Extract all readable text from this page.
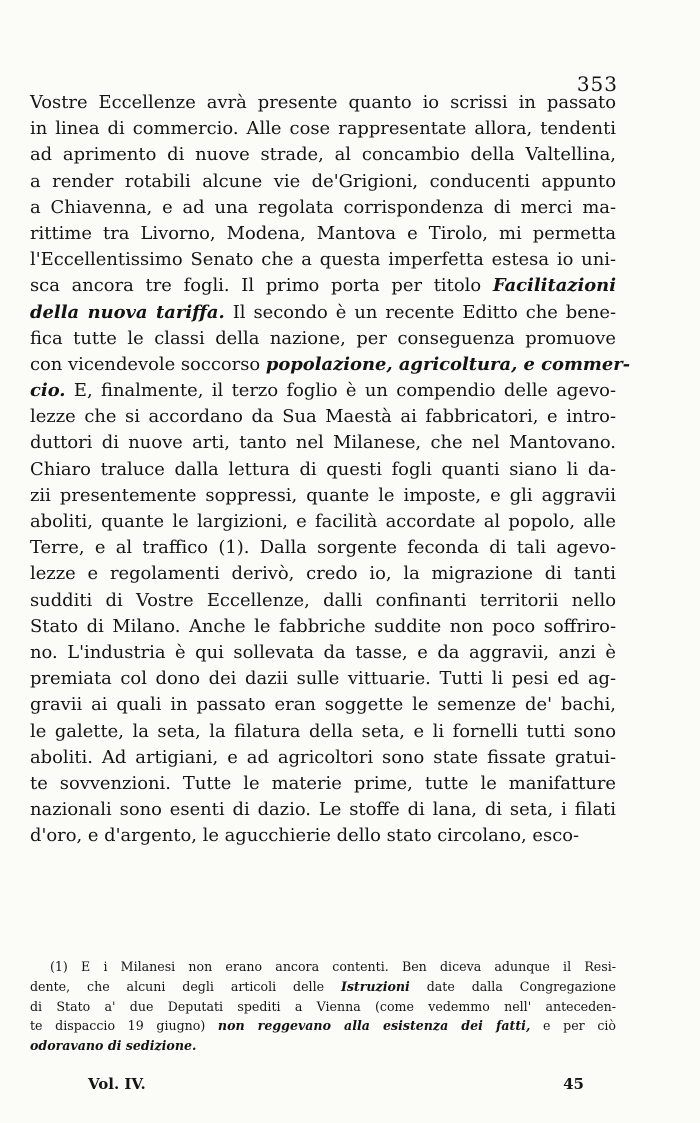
353
Vostre Eccellenze avrà presente quanto io scrissi in passato
in linea di commercio. Alle cose rappresentate allora, tendenti
ad aprimento di nuove strade, al concambio della Valtellina,
a render rotabili alcune vie de'Grigioni, conducenti appunto
a Chiavenna, e ad una regolata corrispondenza di merci ma-
rittime tra Livorno, Modena, Mantova e Tirolo, mi permetta
l'Eccellentissimo Senato che a questa imperfetta estesa io uni-
sca ancora tre fogli. Il primo porta per titolo Facilitazioni
della nuova tariffa. Il secondo è un recente Editto che bene-
fica tutte le classi della nazione, per conseguenza promuove
con vicendevole soccorso popolazione, agricoltura, e commer-
cio. E, finalmente, il terzo foglio è un compendio delle agevo-
lezze che si accordano da Sua Maestà ai fabbricatori, e intro-
duttori di nuove arti, tanto nel Milanese, che nel Mantovano.
Chiaro traluce dalla lettura di questi fogli quanti siano li da-
zii presentemente soppressi, quante le imposte, e gli aggravii
aboliti, quante le largizioni, e facilità accordate al popolo, alle
Terre, e al traffico (1). Dalla sorgente feconda di tali agevo-
lezze e regolamenti derivò, credo io, la migrazione di tanti
sudditi di Vostre Eccellenze, dalli confinanti territorii nello
Stato di Milano. Anche le fabbriche suddite non poco soffriro-
no. L'industria è qui sollevata da tasse, e da aggravii, anzi è
premiata col dono dei dazii sulle vittuarie. Tutti li pesi ed ag-
gravii ai quali in passato eran soggette le semenze de' bachi,
le galette, la seta, la filatura della seta, e li fornelli tutti sono
aboliti. Ad artigiani, e ad agricoltori sono state fissate gratui-
te sovvenzioni. Tutte le materie prime, tutte le manifatture
nazionali sono esenti di dazio. Le stoffe di lana, di seta, i filati
d'oro, e d'argento, le agucchierie dello stato circolano, esco-
(1) E i Milanesi non erano ancora contenti. Ben diceva adunque il Resi-
dente, che alcuni degli articoli delle Istruzioni date dalla Congregazione
di Stato a' due Deputati spediti a Vienna (come vedemmo nell' anteceden-
te dispaccio 19 giugno) non reggevano alla esistenza dei fatti, e per ciò
odoravano di sedizione.
Vol. IV.	45
